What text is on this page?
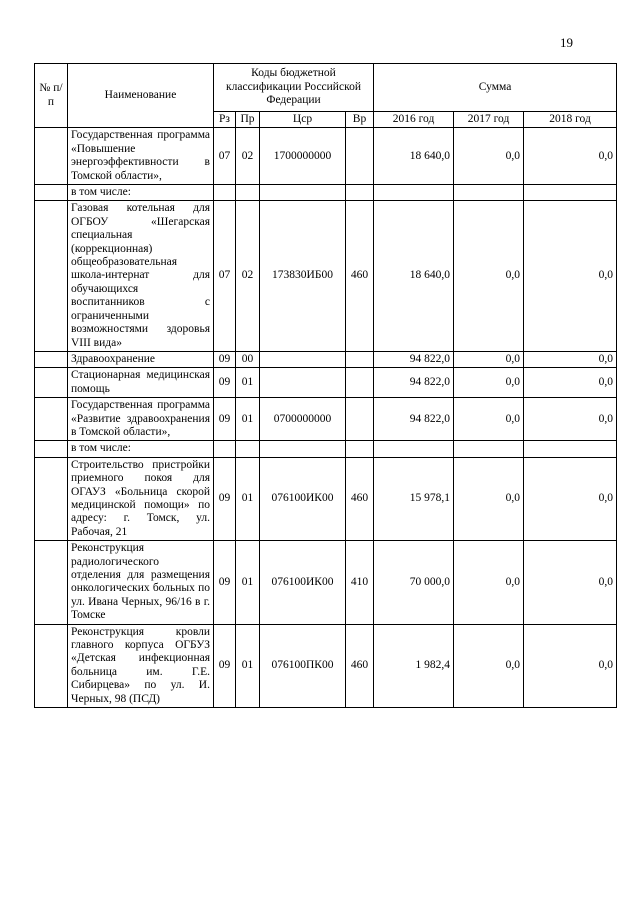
19
№ п/п	Наименование	Коды бюджетной классификации Российской Федерации				Сумма		
		Рз	Пр	Цср	Вр	2016 год	2017 год	2018 год
	Государственная программа «Повышение энергоэффективности в Томской области»,	07	02	1700000000		18 640,0	0,0	0,0
	в том числе:							
	Газовая котельная для ОГБОУ «Шегарская специальная (коррекционная) общеобразовательная школа-интернат для обучающихся воспитанников с ограниченными возможностями здоровья VIII вида»	07	02	173830ИБ00	460	18 640,0	0,0	0,0
	Здравоохранение	09	00			94 822,0	0,0	0,0
	Стационарная медицинская помощь	09	01			94 822,0	0,0	0,0
	Государственная программа «Развитие здравоохранения в Томской области»,	09	01	0700000000		94 822,0	0,0	0,0
	в том числе:							
	Строительство пристройки приемного покоя для ОГАУЗ «Больница скорой медицинской помощи» по адресу: г. Томск, ул. Рабочая, 21	09	01	076100ИК00	460	15 978,1	0,0	0,0
	Реконструкция радиологического отделения для размещения онкологических больных по ул. Ивана Черных, 96/16 в г. Томске	09	01	076100ИК00	410	70 000,0	0,0	0,0
	Реконструкция кровли главного корпуса ОГБУЗ «Детская инфекционная больница им. Г.Е. Сибирцева» по ул. И. Черных, 98 (ПСД)	09	01	076100ПК00	460	1 982,4	0,0	0,0
